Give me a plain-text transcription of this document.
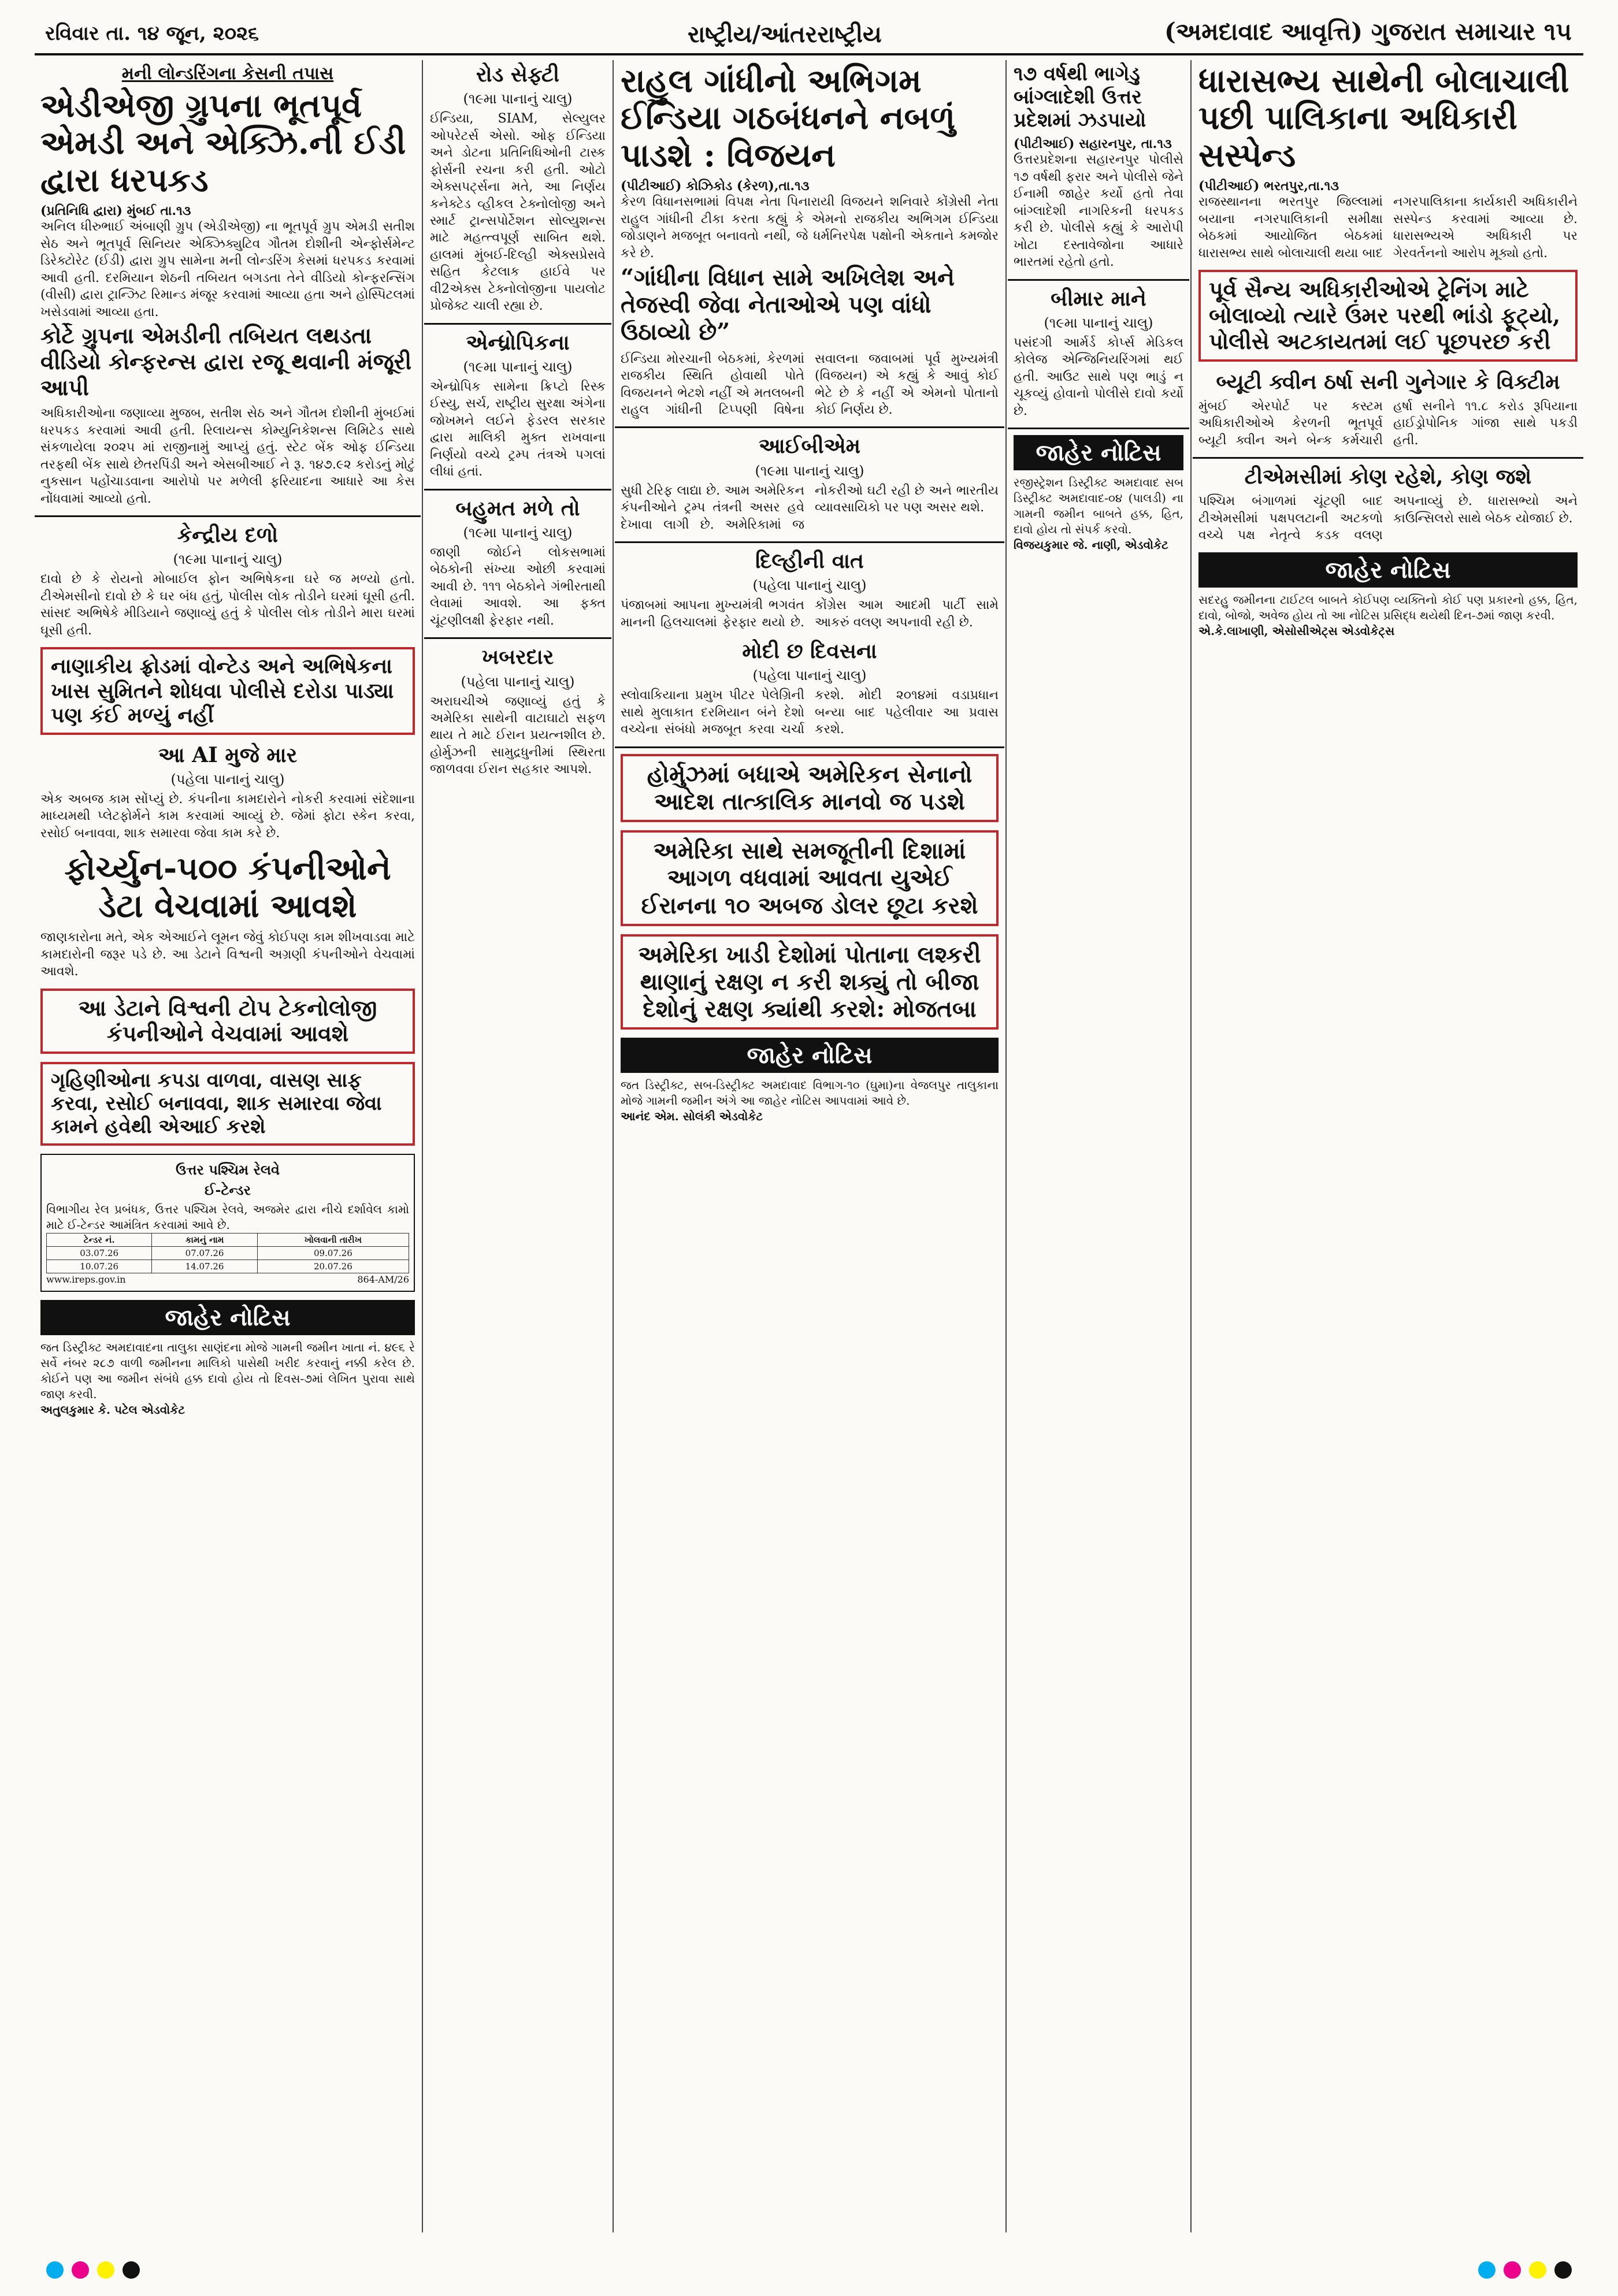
રવિવાર તા. ૧૪ જૂન, ૨૦૨૬	રાષ્ટ્રીય/આંતરરાષ્ટ્રીય	(અમદાવાદ આવૃત્તિ) ગુજરાત સમાચાર ૧૫
મની લોન્ડરિંગના કેસની તપાસ
એડીએજી ગ્રુપના ભૂતપૂર્વ એમડી અને એક્ઝિ.ની ઈડી દ્વારા ધરપકડ
(પ્રતિનિધિ દ્વારા) મુંબઈ તા.૧૩
અનિલ ધીરુભાઈ અંબાણી ગ્રુપ (એડીએજી) ના ભૂતપૂર્વ ગ્રુપ એમડી સતીશ સેઠ અને ભૂતપૂર્વ સિનિયર એક્ઝિક્યુટિવ ગૌતમ દોશીની એન્ફોર્સમેન્ટ ડિરેક્ટોરેટ (ઈડી) દ્વારા ગ્રુપ સામેના મની લોન્ડરિંગ કેસમાં ધરપકડ કરવામાં આવી હતી. દરમિયાન શેઠની તબિયત બગડતા તેને વીડિયો કોન્ફરન્સિંગ (વીસી) દ્વારા ટ્રાન્ઝિટ રિમાન્ડ મંજૂર કરવામાં આવ્યા હતા અને હોસ્પિટલમાં ખસેડવામાં આવ્યા હતા.
કોર્ટે ગ્રુપના એમડીની તબિયત લથડતા વીડિયો કોન્ફરન્સ દ્વારા રજૂ થવાની મંજૂરી આપી
અધિકારીઓના જણાવ્યા મુજબ, સતીશ સેઠ અને ગૌતમ દોશીની મુંબઈમાં ધરપકડ કરવામાં આવી હતી. રિલાયન્સ કોમ્યુનિકેશન્સ લિમિટેડ સાથે સંકળાયેલા ૨૦૨૫ માં રાજીનામું આપ્યું હતું. સ્ટેટ બેંક ઓફ ઈન્ડિયા તરફથી બેંક સાથે છેતરપિંડી અને એસબીઆઈ ને રૂ. ૧૪૭.૯૨ કરોડનું મોટું નુકસાન પહોંચાડવાના આરોપો પર મળેલી ફરિયાદના આધારે આ કેસ નોંધવામાં આવ્યો હતો.
કેન્દ્રીય દળો
(૧૯મા પાનાનું ચાલુ)
દાવો છે કે રોયનો મોબાઈલ ફોન અભિષેકના ઘરે જ મળ્યો હતો. ટીએમસીનો દાવો છે કે ઘર બંધ હતું, પોલીસ લોક તોડીને ઘરમાં ઘૂસી હતી. સાંસદ અભિષેકે મીડિયાને જણાવ્યું હતું કે પોલીસ લોક તોડીને મારા ઘરમાં ઘૂસી હતી.
નાણાકીય ફ્રોડમાં વોન્ટેડ અને અભિષેકના ખાસ સુમિતને શોધવા પોલીસે દરોડા પાડ્યા પણ કંઈ મળ્યું નહીં
આ AI મુજે માર
(પહેલા પાનાનું ચાલુ)
એક અબજ કામ સોંપ્યું છે. કંપનીના કામદારોને નોકરી કરવામાં સંદેશાના માધ્યમથી પ્લેટફોર્મને કામ કરવામાં આવ્યું છે. જેમાં ફોટા સ્કેન કરવા, રસોઈ બનાવવા, શાક સમારવા જેવા કામ કરે છે.
ફોર્ચ્યુન-૫૦૦ કંપનીઓને ડેટા વેચવામાં આવશે
જાણકારોના મતે, એક એઆઈને લૂમન જેવું કોઈપણ કામ શીખવાડવા માટે કામદારોની જરૂર પડે છે. આ ડેટાને વિશ્વની અગ્રણી કંપનીઓને વેચવામાં આવશે.
આ ડેટાને વિશ્વની ટોપ ટેકનોલોજી કંપનીઓને વેચવામાં આવશે
ગૃહિણીઓના કપડા વાળવા, વાસણ સાફ કરવા, રસોઈ બનાવવા, શાક સમારવા જેવા કામને હવેથી એઆઈ કરશે
ઉત્તર પશ્ચિમ રેલવે
ઈ-ટેન્ડર
વિભાગીય રેલ પ્રબંધક, ઉત્તર પશ્ચિમ રેલવે, અજમેર દ્વારા નીચે દર્શાવેલ કામો માટે ઈ-ટેન્ડર આમંત્રિત કરવામાં આવે છે.
ટેન્ડર નં.	કામનું નામ	ખોલવાની તારીખ
03.07.26	07.07.26	09.07.26
10.07.26	14.07.26	20.07.26
www.ireps.gov.in	864-AM/26
જાહેર નોટિસ
જત ડિસ્ટ્રીક્ટ અમદાવાદના તાલુકા સાણંદના મોજે ગામની જમીન ખાતા નં. ૪૯૬ રે સર્વે નંબર ૨૮૭ વાળી જમીનના માલિકો પાસેથી ખરીદ કરવાનું નક્કી કરેલ છે. કોઈને પણ આ જમીન સંબંધે હક્ક દાવો હોય તો દિવસ-૭માં લેખિત પુરાવા સાથે જાણ કરવી.
અતુલકુમાર કે. પટેલ એડવોકેટ
રોડ સેફ્ટી
(૧૯મા પાનાનું ચાલુ)
ઈન્ડિયા, SIAM, સેલ્યુલર ઓપરેટર્સ એસો. ઓફ ઈન્ડિયા અને ડોટના પ્રતિનિધિઓની ટાસ્ક ફોર્સની રચના કરી હતી. ઓટો એક્સપર્ટ્સના મતે, આ નિર્ણય કનેક્ટેડ વ્હીકલ ટેક્નોલોજી અને સ્માર્ટ ટ્રાન્સપોર્ટેશન સોલ્યુશન્સ માટે મહત્ત્વપૂર્ણ સાબિત થશે. હાલમાં મુંબઈ-દિલ્હી એક્સપ્રેસવે સહિત કેટલાક હાઈવે પર વી2એક્સ ટેક્નોલોજીના પાયલોટ પ્રોજેક્ટ ચાલી રહ્યા છે.
એન્ધ્રોપિકના
(૧૯મા પાનાનું ચાલુ)
એન્ધ્રોપિક સામેના ક્રિપ્ટો રિસ્ક ઈસ્યુ, સર્ચ, રાષ્ટ્રીય સુરક્ષા અંગેના જોખમને લઈને ફેડરલ સરકાર દ્વારા માલિકી મુક્ત રાખવાના નિર્ણયો વચ્ચે ટ્રમ્પ તંત્રએ પગલાં લીધાં હતાં.
બહુમત મળે તો
(૧૯મા પાનાનું ચાલુ)
જાણી જોઈને લોકસભામાં બેઠકોની સંખ્યા ઓછી કરવામાં આવી છે. ૧૧૧ બેઠકોને ગંભીરતાથી લેવામાં આવશે. આ ફક્ત ચૂંટણીલક્ષી ફેરફાર નથી.
ખબરદાર
(પહેલા પાનાનું ચાલુ)
અરાઘચીએ જણાવ્યું હતું કે અમેરિકા સાથેની વાટાઘાટો સફળ થાય તે માટે ઈરાન પ્રયત્નશીલ છે. હોર્મુઝની સામુદ્રધુનીમાં સ્થિરતા જાળવવા ઈરાન સહકાર આપશે.
રાહુલ ગાંધીનો અભિગમ ઈન્ડિયા ગઠબંધનને નબળું પાડશે : વિજયન
(પીટીઆઈ) કોઝિકોડ (કેરળ),તા.૧૩
કેરળ વિધાનસભામાં વિપક્ષ નેતા પિનારાયી વિજયને શનિવારે કોંગ્રેસી નેતા રાહુલ ગાંધીની ટીકા કરતા કહ્યું કે એમનો રાજકીય અભિગમ ઈન્ડિયા જોડાણને મજબૂત બનાવતો નથી, જે ધર્મનિરપેક્ષ પક્ષોની એકતાને કમજોર કરે છે.
“ગાંધીના વિધાન સામે અખિલેશ અને તેજસ્વી જેવા નેતાઓએ પણ વાંધો ઉઠાવ્યો છે”
ઈન્ડિયા મોરચાની બેઠકમાં, કેરળમાં રાજકીય સ્થિતિ હોવાથી પોતે વિજયનને ભેટશે નહીં એ મતલબની રાહુલ ગાંધીની ટિપ્પણી વિષેના સવાલના જવાબમાં પૂર્વ મુખ્યમંત્રી (વિજયન) એ કહ્યું કે આવું કોઈ ભેટે છે કે નહીં એ એમનો પોતાનો કોઈ નિર્ણય છે.
આઈબીએમ
(૧૯મા પાનાનું ચાલુ)
સુધી ટેરિફ લાદ્યા છે. આમ અમેરિકન કંપનીઓને ટ્રમ્પ તંત્રની અસર હવે દેખાવા લાગી છે. અમેરિકામાં જ નોકરીઓ ઘટી રહી છે અને ભારતીય વ્યાવસાયિકો પર પણ અસર થશે.
દિલ્હીની વાત
(પહેલા પાનાનું ચાલુ)
પંજાબમાં આપના મુખ્યમંત્રી ભગવંત માનની હિલચાલમાં ફેરફાર થયો છે. કોંગ્રેસ આમ આદમી પાર્ટી સામે આકરું વલણ અપનાવી રહી છે.
મોદી છ દિવસના
(પહેલા પાનાનું ચાલુ)
સ્લોવાકિયાના પ્રમુખ પીટર પેલેગ્રિની સાથે મુલાકાત દરમિયાન બંને દેશો વચ્ચેના સંબંધો મજબૂત કરવા ચર્ચા કરશે. મોદી ૨૦૧૪માં વડાપ્રધાન બન્યા બાદ પહેલીવાર આ પ્રવાસ કરશે.
હોર્મુઝમાં બધાએ અમેરિકન સેનાનો આદેશ તાત્કાલિક માનવો જ પડશે
અમેરિકા સાથે સમજૂતીની દિશામાં આગળ વધવામાં આવતા યુએઈ ઈરાનના ૧૦ અબજ ડોલર છૂટા કરશે
અમેરિકા ખાડી દેશોમાં પોતાના લશ્કરી થાણાનું રક્ષણ ન કરી શક્યું તો બીજા દેશોનું રક્ષણ ક્યાંથી કરશે: મોજતબા
જાહેર નોટિસ
જત ડિસ્ટ્રીક્ટ, સબ-ડિસ્ટ્રીક્ટ અમદાવાદ વિભાગ-૧૦ (ઘુમા)ના વેજલપુર તાલુકાના મોજે ગામની જમીન અંગે આ જાહેર નોટિસ આપવામાં આવે છે.
આનંદ એમ. સોલંકી એડવોકેટ
૧૭ વર્ષથી ભાગેડુ બાંગ્લાદેશી ઉત્તર પ્રદેશમાં ઝડપાયો
(પીટીઆઈ) સહારનપુર, તા.૧૩
ઉત્તરપ્રદેશના સહારનપુર પોલીસે ૧૭ વર્ષથી ફરાર અને પોલીસે જેને ઈનામી જાહેર કર્યો હતો તેવા બાંગ્લાદેશી નાગરિકની ધરપકડ કરી છે. પોલીસે કહ્યું કે આરોપી ખોટા દસ્તાવેજોના આધારે ભારતમાં રહેતો હતો.
બીમાર માને
(૧૯મા પાનાનું ચાલુ)
પસંદગી આર્મર્ડ કોર્પ્સ મેડિકલ કોલેજ એન્જિનિયરિંગમાં થઈ હતી. આઉટ સાથે પણ ભાડું ન ચૂકવ્યું હોવાનો પોલીસે દાવો કર્યો છે.
જાહેર નોટિસ
રજીસ્ટ્રેશન ડિસ્ટ્રીક્ટ અમદાવાદ સબ ડિસ્ટ્રીક્ટ અમદાવાદ-૦૪ (પાલડી) ના ગામની જમીન બાબતે હક્ક, હિત, દાવો હોય તો સંપર્ક કરવો.
વિજયકુમાર જે. નાણી, એડવોકેટ
ધારાસભ્ય સાથેની બોલાચાલી પછી પાલિકાના અધિકારી સસ્પેન્ડ
(પીટીઆઈ) ભરતપુર,તા.૧૩
રાજસ્થાનના ભરતપુર જિલ્લામાં બયાના નગરપાલિકાની સમીક્ષા બેઠકમાં આયોજિત બેઠકમાં ધારાસભ્ય સાથે બોલાચાલી થયા બાદ નગરપાલિકાના કાર્યકારી અધિકારીને સસ્પેન્ડ કરવામાં આવ્યા છે. ધારાસભ્યએ અધિકારી પર ગેરવર્તનનો આરોપ મૂક્યો હતો.
પૂર્વ સૈન્ય અધિકારીઓએ ટ્રેનિંગ માટે બોલાવ્યો ત્યારે ઉંમર પરથી ભાંડો ફૂટ્યો, પોલીસે અટકાયતમાં લઈ પૂછપરછ કરી
બ્યૂટી ક્વીન ઠર્ષા સની ગુનેગાર કે વિક્ટીમ
મુંબઈ એરપોર્ટ પર કસ્ટમ અધિકારીઓએ કેરળની ભૂતપૂર્વ બ્યૂટી ક્વીન અને બેન્ક કર્મચારી હર્ષા સનીને ૧૧.૮ કરોડ રૂપિયાના હાઈડ્રોપોનિક ગાંજા સાથે પકડી હતી.
ટીએમસીમાં કોણ રહેશે, કોણ જશે
પશ્ચિમ બંગાળમાં ચૂંટણી બાદ ટીએમસીમાં પક્ષપલટાની અટકળો વચ્ચે પક્ષ નેતૃત્વે કડક વલણ અપનાવ્યું છે. ધારાસભ્યો અને કાઉન્સિલરો સાથે બેઠક યોજાઈ છે.
જાહેર નોટિસ
સદરહુ જમીનના ટાઈટલ બાબતે કોઈપણ વ્યક્તિનો કોઈ પણ પ્રકારનો હક્ક, હિત, દાવો, બોજો, અવેજ હોય તો આ નોટિસ પ્રસિદ્ધ થયેથી દિન-૭માં જાણ કરવી.
એ.કે.લાખાણી, એસોસીએટ્સ એડવોકેટ્સ
